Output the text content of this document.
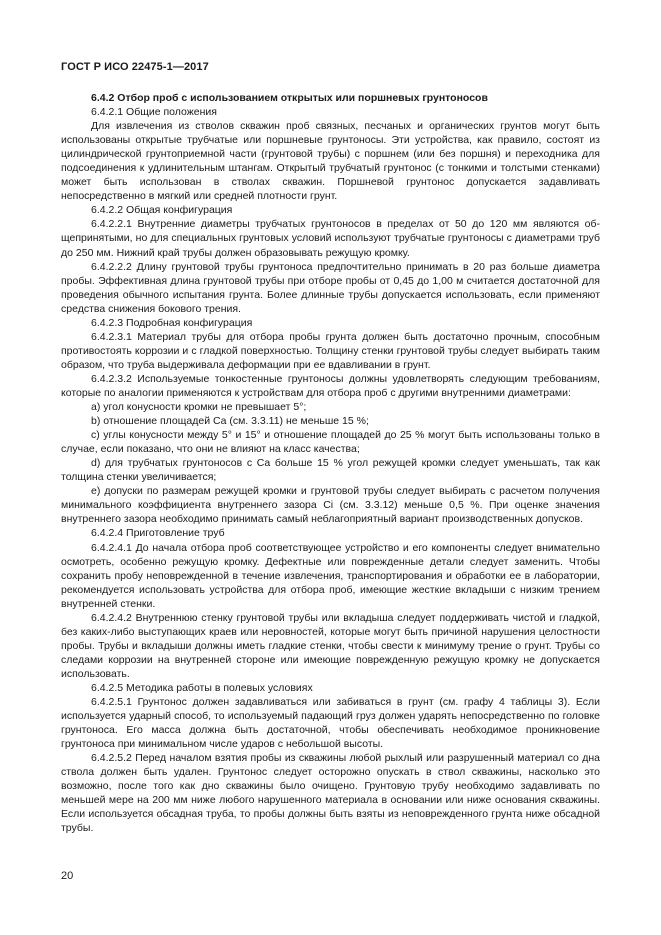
ГОСТ Р ИСО 22475-1—2017

6.4.2 Отбор проб с использованием открытых или поршневых грунтоносов

6.4.2.1 Общие положения

Для извлечения из стволов скважин проб связных, песчаных и органических грунтов могут быть использованы открытые трубчатые или поршневые грунтоносы. Эти устройства, как правило, состоят из цилиндрической грунтоприемной части (грунтовой трубы) с поршнем (или без поршня) и переходника для подсоединения к удлинительным штангам. Открытый трубчатый грунтонос (с тонкими и толстыми стенками) может быть использован в стволах скважин. Поршневой грунтонос допускается задавливать непосредственно в мягкий или средней плотности грунт.

6.4.2.2 Общая конфигурация

6.4.2.2.1 Внутренние диаметры трубчатых грунтоносов в пределах от 50 до 120 мм являются общепринятыми, но для специальных грунтовых условий используют трубчатые грунтоносы с диаметрами труб до 250 мм. Нижний край трубы должен образовывать режущую кромку.

6.4.2.2.2 Длину грунтовой трубы грунтоноса предпочтительно принимать в 20 раз больше диаметра пробы. Эффективная длина грунтовой трубы при отборе пробы от 0,45 до 1,00 м считается достаточной для проведения обычного испытания грунта. Более длинные трубы допускается использовать, если применяют средства снижения бокового трения.

6.4.2.3 Подробная конфигурация

6.4.2.3.1 Материал трубы для отбора пробы грунта должен быть достаточно прочным, способным противостоять коррозии и с гладкой поверхностью. Толщину стенки грунтовой трубы следует выбирать таким образом, что труба выдерживала деформации при ее вдавливании в грунт.

6.4.2.3.2 Используемые тонкостенные грунтоносы должны удовлетворять следующим требованиям, которые по аналогии применяются к устройствам для отбора проб с другими внутренними диаметрами:

а) угол конусности кромки не превышает 5°;

b) отношение площадей Ca (см. 3.3.11) не меньше 15 %;

с) углы конусности между 5° и 15° и отношение площадей до 25 % могут быть использованы только в случае, если показано, что они не влияют на класс качества;

d) для трубчатых грунтоносов с Ca больше 15 % угол режущей кромки следует уменьшать, так как толщина стенки увеличивается;

е) допуски по размерам режущей кромки и грунтовой трубы следует выбирать с расчетом получения минимального коэффициента внутреннего зазора Ci (см. 3.3.12) меньше 0,5 %. При оценке значения внутреннего зазора необходимо принимать самый неблагоприятный вариант производственных допусков.

6.4.2.4 Приготовление труб

6.4.2.4.1 До начала отбора проб соответствующее устройство и его компоненты следует внимательно осмотреть, особенно режущую кромку. Дефектные или поврежденные детали следует заменить. Чтобы сохранить пробу неповрежденной в течение извлечения, транспортирования и обработки ее в лаборатории, рекомендуется использовать устройства для отбора проб, имеющие жесткие вкладыши с низким трением внутренней стенки.

6.4.2.4.2 Внутреннюю стенку грунтовой трубы или вкладыша следует поддерживать чистой и гладкой, без каких-либо выступающих краев или неровностей, которые могут быть причиной нарушения целостности пробы. Трубы и вкладыши должны иметь гладкие стенки, чтобы свести к минимуму трение о грунт. Трубы со следами коррозии на внутренней стороне или имеющие поврежденную режущую кромку не допускается использовать.

6.4.2.5 Методика работы в полевых условиях

6.4.2.5.1 Грунтонос должен задавливаться или забиваться в грунт (см. графу 4 таблицы 3). Если используется ударный способ, то используемый падающий груз должен ударять непосредственно по головке грунтоноса. Его масса должна быть достаточной, чтобы обеспечивать необходимое проникновение грунтоноса при минимальном числе ударов с небольшой высоты.

6.4.2.5.2 Перед началом взятия пробы из скважины любой рыхлый или разрушенный материал со дна ствола должен быть удален. Грунтонос следует осторожно опускать в ствол скважины, насколько это возможно, после того как дно скважины было очищено. Грунтовую трубу необходимо задавливать по меньшей мере на 200 мм ниже любого нарушенного материала в основании или ниже основания скважины. Если используется обсадная труба, то пробы должны быть взяты из неповрежденного грунта ниже обсадной трубы.

20
